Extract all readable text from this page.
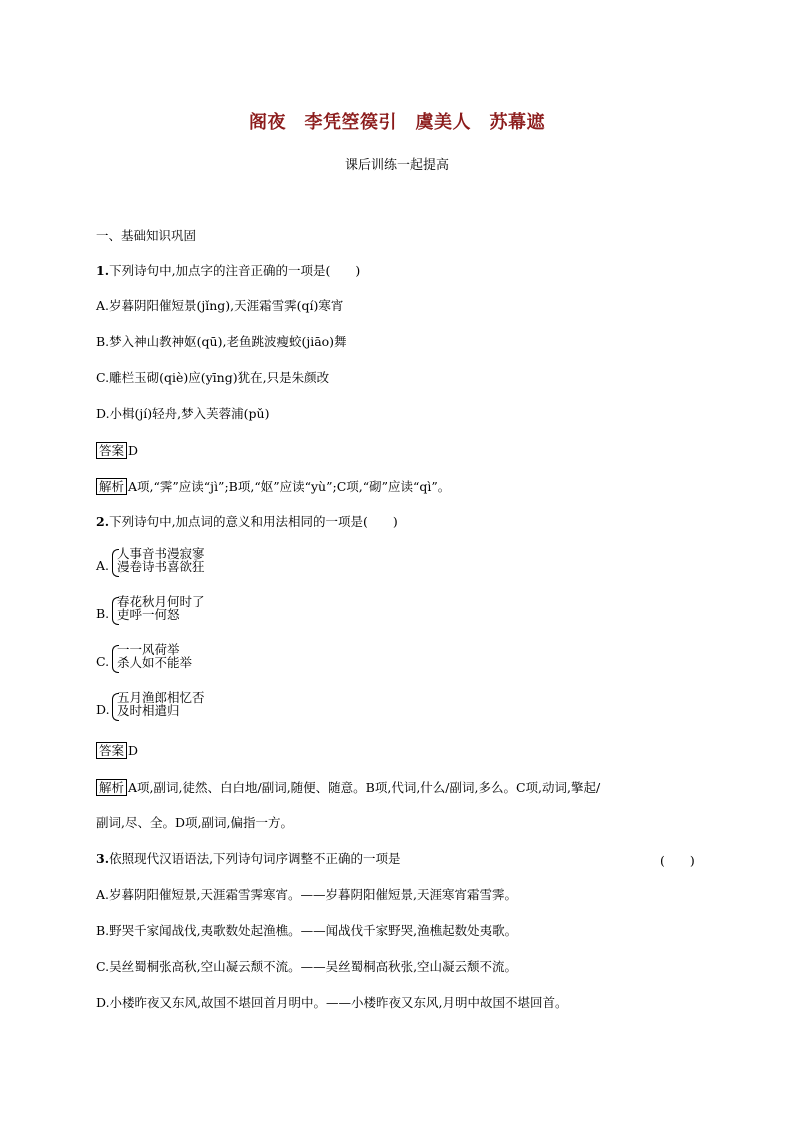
阁夜　李凭箜篌引　虞美人　苏幕遮
课后训练一起提高
一、基础知识巩固
1.下列诗句中,加点字的注音正确的一项是(　　)
A.岁暮阴阳催短景(jǐng),天涯霜雪霁(qí)寒宵
B.梦入神山教神妪(qū),老鱼跳波瘦蛟(jiāo)舞
C.雕栏玉砌(qiè)应(yīng)犹在,只是朱颜改
D.小楫(jí)轻舟,梦入芙蓉浦(pǔ)
答案 D
解析 A项,“霁”应读“jì”;B项,“妪”应读“yù”;C项,“砌”应读“qì”。
2.下列诗句中,加点词的意义和用法相同的一项是(　　)
A.
人事音书漫寂寥
漫卷诗书喜欲狂
B.
春花秋月何时了
吏呼一何怒
C.
一一风荷举
杀人如不能举
D.
五月渔郎相忆否
及时相遣归
答案 D
解析 A项,副词,徒然、白白地/副词,随便、随意。B项,代词,什么/副词,多么。C项,动词,擎起/
副词,尽、全。D项,副词,偏指一方。
3.依照现代汉语语法,下列诗句词序调整不正确的一项是	(　　)
A.岁暮阴阳催短景,天涯霜雪霁寒宵。——岁暮阴阳催短景,天涯寒宵霜雪霁。
B.野哭千家闻战伐,夷歌数处起渔樵。——闻战伐千家野哭,渔樵起数处夷歌。
C.吴丝蜀桐张高秋,空山凝云颓不流。——吴丝蜀桐高秋张,空山凝云颓不流。
D.小楼昨夜又东风,故国不堪回首月明中。——小楼昨夜又东风,月明中故国不堪回首。
